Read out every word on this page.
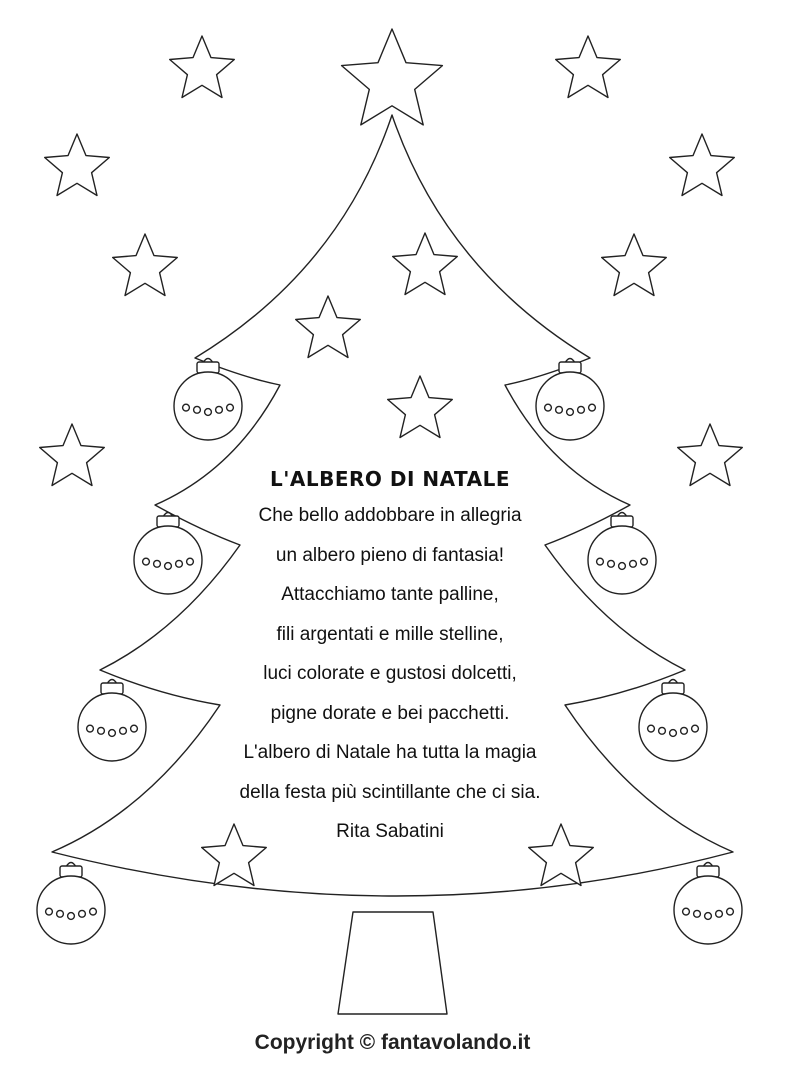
L'ALBERO DI NATALE

Che bello addobbare in allegria

un albero pieno di fantasia!

Attacchiamo tante palline,

fili argentati e mille stelline,

luci colorate e gustosi dolcetti,

pigne dorate e bei pacchetti.

L'albero di Natale ha tutta la magia

della festa più scintillante che ci sia.

Rita Sabatini

Copyright © fantavolando.it
